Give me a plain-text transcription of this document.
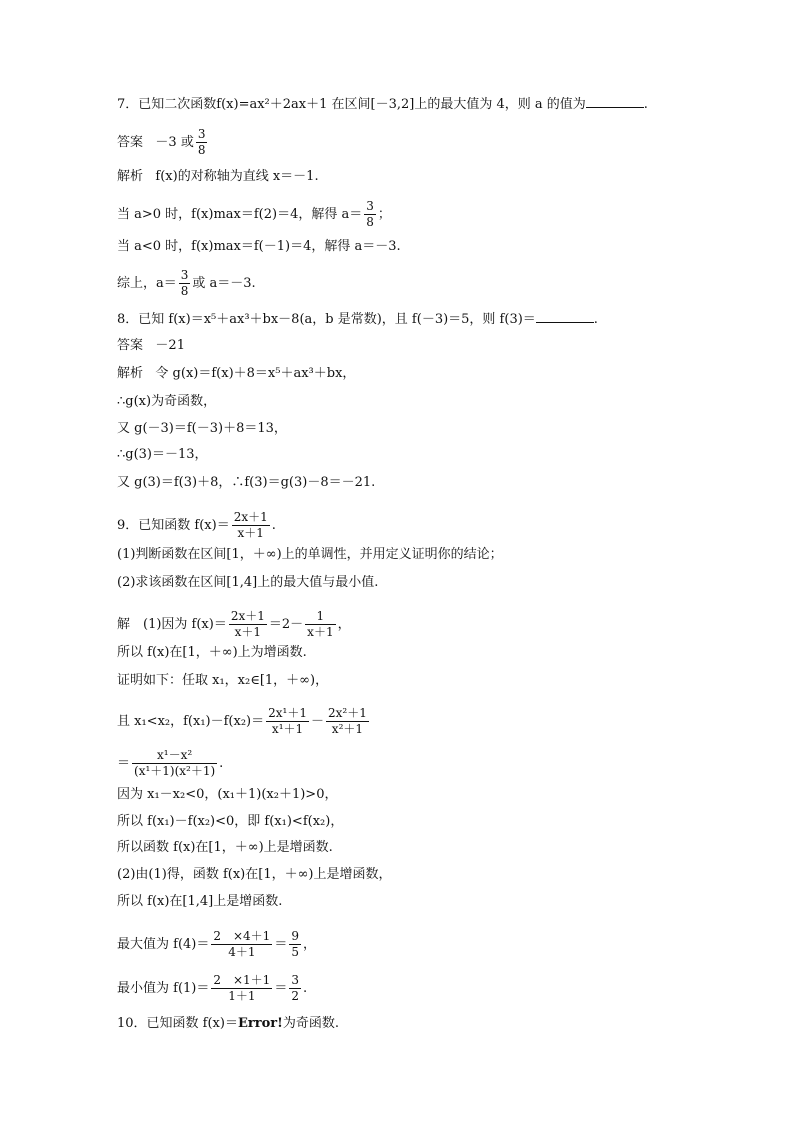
7．已知二次函数f(x)=ax²＋2ax＋1 在区间[－3,2]上的最大值为 4，则 a 的值为	.
答案 －3 或 $\frac{3}{8}$
解析 f(x)的对称轴为直线 x＝－1.
当 a>0 时，f(x)max＝f(2)＝4，解得 $a= \frac{3}{8}$ ；
当 a<0 时，f(x)max＝f(－1)＝4，解得 a＝－3.
综上，$a= \frac{3}{8}$ 或 a＝－3.
8．已知 f(x)＝x⁵＋ax³＋bx－8(a，b 是常数)，且 f(－3)＝5，则 f(3)＝	.
答案 －21
解析 令 g(x)＝f(x)＋8＝x⁵＋ax³＋bx，
∴g(x)为奇函数，
又 g(－3)＝f(－3)＋8＝13，
∴g(3)＝－13，
又 g(3)＝f(3)＋8，∴f(3)＝g(3)－8＝－21.
9．已知函数 $f(x)= \frac{2x+1}{x+1}$ .
(1)判断函数在区间[1，＋∞)上的单调性，并用定义证明你的结论；
(2)求该函数在区间[1,4]上的最大值与最小值.
解　(1)因为 $f(x)= \frac{2x+1}{x+1} =2- \frac{1}{x+1}$ ，
所以 f(x)在[1，＋∞)上为增函数.
证明如下：任取 x₁，x₂∈[1，＋∞)，
且 x₁<x₂，$f(x_1)-f(x_2)= \frac{\text{2x¹＋1}}{\text{x¹＋1}} - \frac{\text{2x²＋1}}{\text{x²＋1}}$
＝ $\frac{\text{x¹－x²}}{\text{(x¹＋1)(x²＋1)}}$ .
因为 x₁－x₂<0，(x₁＋1)(x₂＋1)>0，
所以 f(x₁)－f(x₂)<0，即 f(x₁)<f(x₂)，
所以函数 f(x)在[1，＋∞)上是增函数.
(2)由(1)得，函数 f(x)在[1，＋∞)上是增函数，
所以 f(x)在[1,4]上是增函数.
最大值为 $f(4)= \frac{2 \times 4+1}{4+1} = \frac{9}{5}$ ，
最小值为 $f(1)= \frac{2 \times 1+1}{1+1} = \frac{3}{2}$ .
10．已知函数 f(x)＝Error!为奇函数.
